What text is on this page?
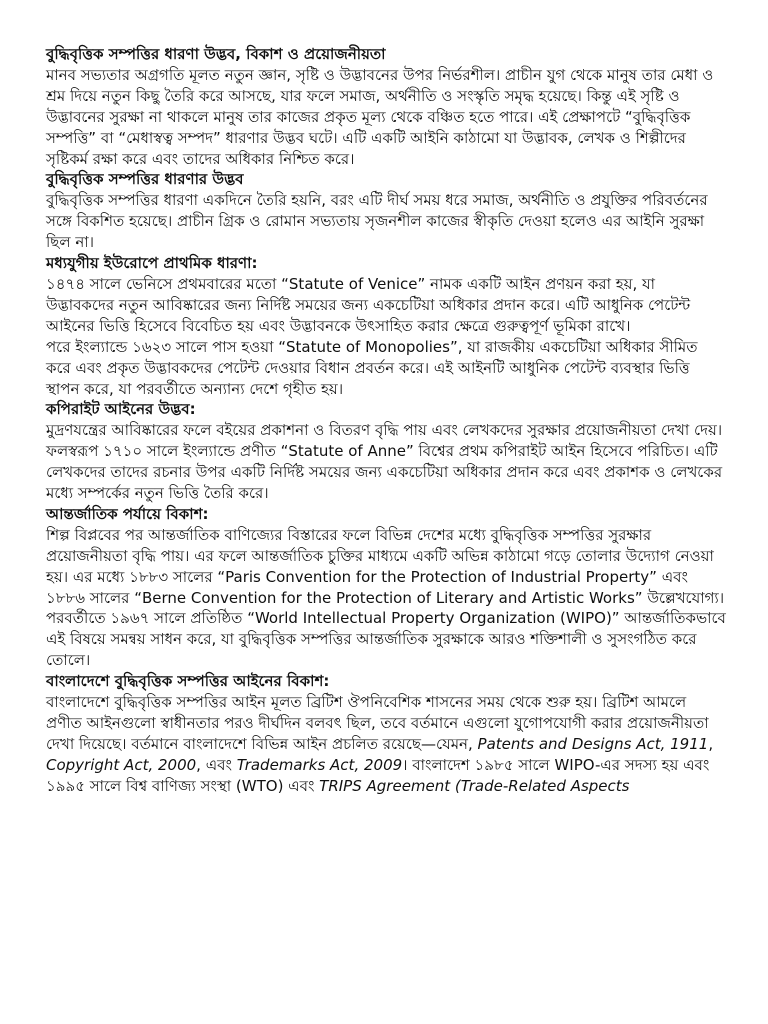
বুদ্ধিবৃত্তিক সম্পত্তির ধারণা উদ্ভব, বিকাশ ও প্রয়োজনীয়তা

মানব সভ্যতার অগ্রগতি মূলত নতুন জ্ঞান, সৃষ্টি ও উদ্ভাবনের উপর নির্ভরশীল। প্রাচীন যুগ থেকে মানুষ তার মেধা ও শ্রম দিয়ে নতুন কিছু তৈরি করে আসছে, যার ফলে সমাজ, অর্থনীতি ও সংস্কৃতি সমৃদ্ধ হয়েছে। কিন্তু এই সৃষ্টি ও উদ্ভাবনের সুরক্ষা না থাকলে মানুষ তার কাজের প্রকৃত মূল্য থেকে বঞ্চিত হতে পারে। এই প্রেক্ষাপটে “বুদ্ধিবৃত্তিক সম্পত্তি” বা “মেধাস্বত্ব সম্পদ” ধারণার উদ্ভব ঘটে। এটি একটি আইনি কাঠামো যা উদ্ভাবক, লেখক ও শিল্পীদের সৃষ্টিকর্ম রক্ষা করে এবং তাদের অধিকার নিশ্চিত করে।

বুদ্ধিবৃত্তিক সম্পত্তির ধারণার উদ্ভব

বুদ্ধিবৃত্তিক সম্পত্তির ধারণা একদিনে তৈরি হয়নি, বরং এটি দীর্ঘ সময় ধরে সমাজ, অর্থনীতি ও প্রযুক্তির পরিবর্তনের সঙ্গে বিকশিত হয়েছে। প্রাচীন গ্রিক ও রোমান সভ্যতায় সৃজনশীল কাজের স্বীকৃতি দেওয়া হলেও এর আইনি সুরক্ষা ছিল না।

মধ্যযুগীয় ইউরোপে প্রাথমিক ধারণা:

১৪৭৪ সালে ভেনিসে প্রথমবারের মতো “Statute of Venice” নামক একটি আইন প্রণয়ন করা হয়, যা উদ্ভাবকদের নতুন আবিষ্কারের জন্য নির্দিষ্ট সময়ের জন্য একচেটিয়া অধিকার প্রদান করে। এটি আধুনিক পেটেন্ট আইনের ভিত্তি হিসেবে বিবেচিত হয় এবং উদ্ভাবনকে উৎসাহিত করার ক্ষেত্রে গুরুত্বপূর্ণ ভূমিকা রাখে।

পরে ইংল্যান্ডে ১৬২৩ সালে পাস হওয়া “Statute of Monopolies”, যা রাজকীয় একচেটিয়া অধিকার সীমিত করে এবং প্রকৃত উদ্ভাবকদের পেটেন্ট দেওয়ার বিধান প্রবর্তন করে। এই আইনটি আধুনিক পেটেন্ট ব্যবস্থার ভিত্তি স্থাপন করে, যা পরবর্তীতে অন্যান্য দেশে গৃহীত হয়।

কপিরাইট আইনের উদ্ভব:

মুদ্রণযন্ত্রের আবিষ্কারের ফলে বইয়ের প্রকাশনা ও বিতরণ বৃদ্ধি পায় এবং লেখকদের সুরক্ষার প্রয়োজনীয়তা দেখা দেয়। ফলস্বরূপ ১৭১০ সালে ইংল্যান্ডে প্রণীত “Statute of Anne” বিশ্বের প্রথম কপিরাইট আইন হিসেবে পরিচিত। এটি লেখকদের তাদের রচনার উপর একটি নির্দিষ্ট সময়ের জন্য একচেটিয়া অধিকার প্রদান করে এবং প্রকাশক ও লেখকের মধ্যে সম্পর্কের নতুন ভিত্তি তৈরি করে।

আন্তর্জাতিক পর্যায়ে বিকাশ:

শিল্প বিপ্লবের পর আন্তর্জাতিক বাণিজ্যের বিস্তারের ফলে বিভিন্ন দেশের মধ্যে বুদ্ধিবৃত্তিক সম্পত্তির সুরক্ষার প্রয়োজনীয়তা বৃদ্ধি পায়। এর ফলে আন্তর্জাতিক চুক্তির মাধ্যমে একটি অভিন্ন কাঠামো গড়ে তোলার উদ্যোগ নেওয়া হয়। এর মধ্যে ১৮৮৩ সালের “Paris Convention for the Protection of Industrial Property” এবং ১৮৮৬ সালের “Berne Convention for the Protection of Literary and Artistic Works” উল্লেখযোগ্য। পরবর্তীতে ১৯৬৭ সালে প্রতিষ্ঠিত “World Intellectual Property Organization (WIPO)” আন্তর্জাতিকভাবে এই বিষয়ে সমন্বয় সাধন করে, যা বুদ্ধিবৃত্তিক সম্পত্তির আন্তর্জাতিক সুরক্ষাকে আরও শক্তিশালী ও সুসংগঠিত করে তোলে।

বাংলাদেশে বুদ্ধিবৃত্তিক সম্পত্তির আইনের বিকাশ:

বাংলাদেশে বুদ্ধিবৃত্তিক সম্পত্তির আইন মূলত ব্রিটিশ ঔপনিবেশিক শাসনের সময় থেকে শুরু হয়। ব্রিটিশ আমলে প্রণীত আইনগুলো স্বাধীনতার পরও দীর্ঘদিন বলবৎ ছিল, তবে বর্তমানে এগুলো যুগোপযোগী করার প্রয়োজনীয়তা দেখা দিয়েছে। বর্তমানে বাংলাদেশে বিভিন্ন আইন প্রচলিত রয়েছে—যেমন, Patents and Designs Act, 1911, Copyright Act, 2000, এবং Trademarks Act, 2009। বাংলাদেশ ১৯৮৫ সালে WIPO-এর সদস্য হয় এবং ১৯৯৫ সালে বিশ্ব বাণিজ্য সংস্থা (WTO) এবং TRIPS Agreement (Trade-Related Aspects
